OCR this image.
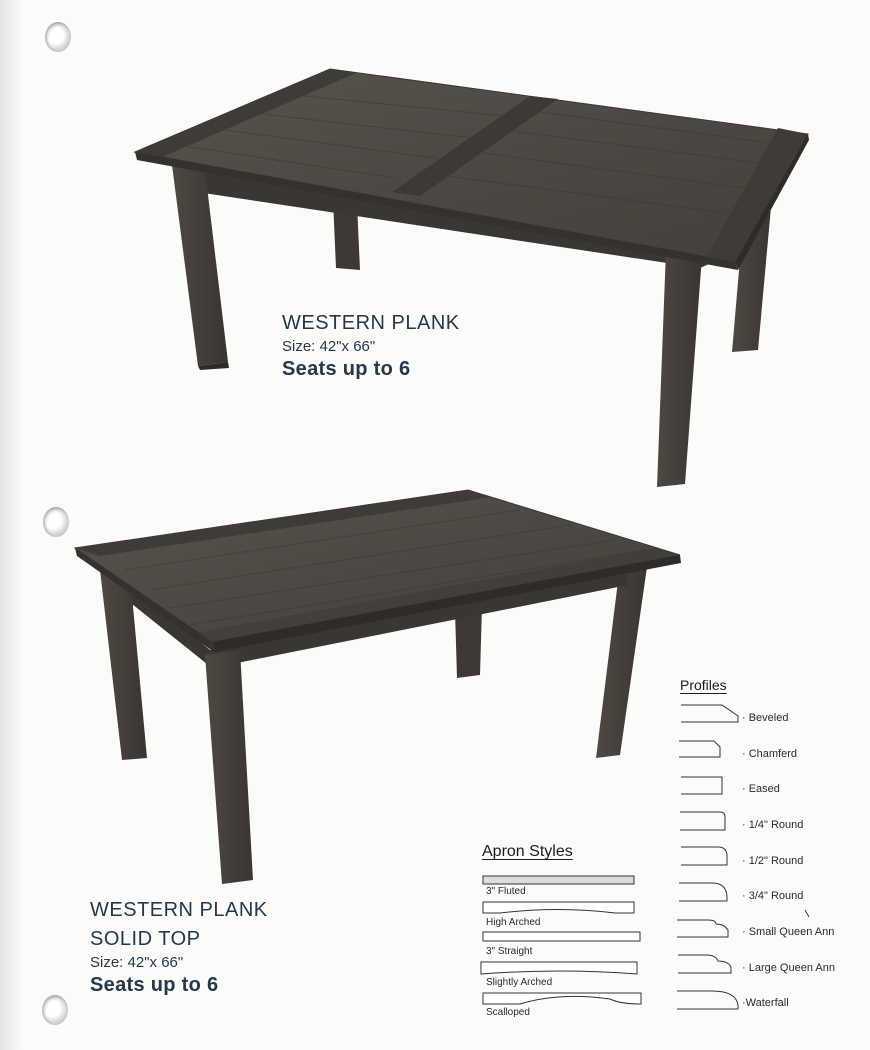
WESTERN PLANK
Size: 42"x 66"
Seats up to 6
WESTERN PLANK
SOLID TOP
Size: 42"x 66"
Seats up to 6
Apron Styles
3" Fluted
High Arched
3" Straight
Slightly Arched
Scalloped
Profiles
· Beveled
· Chamferd
· Eased
· 1/4" Round
· 1/2" Round
· 3/4" Round
· Small Queen Ann
· Large Queen Ann
·Waterfall
